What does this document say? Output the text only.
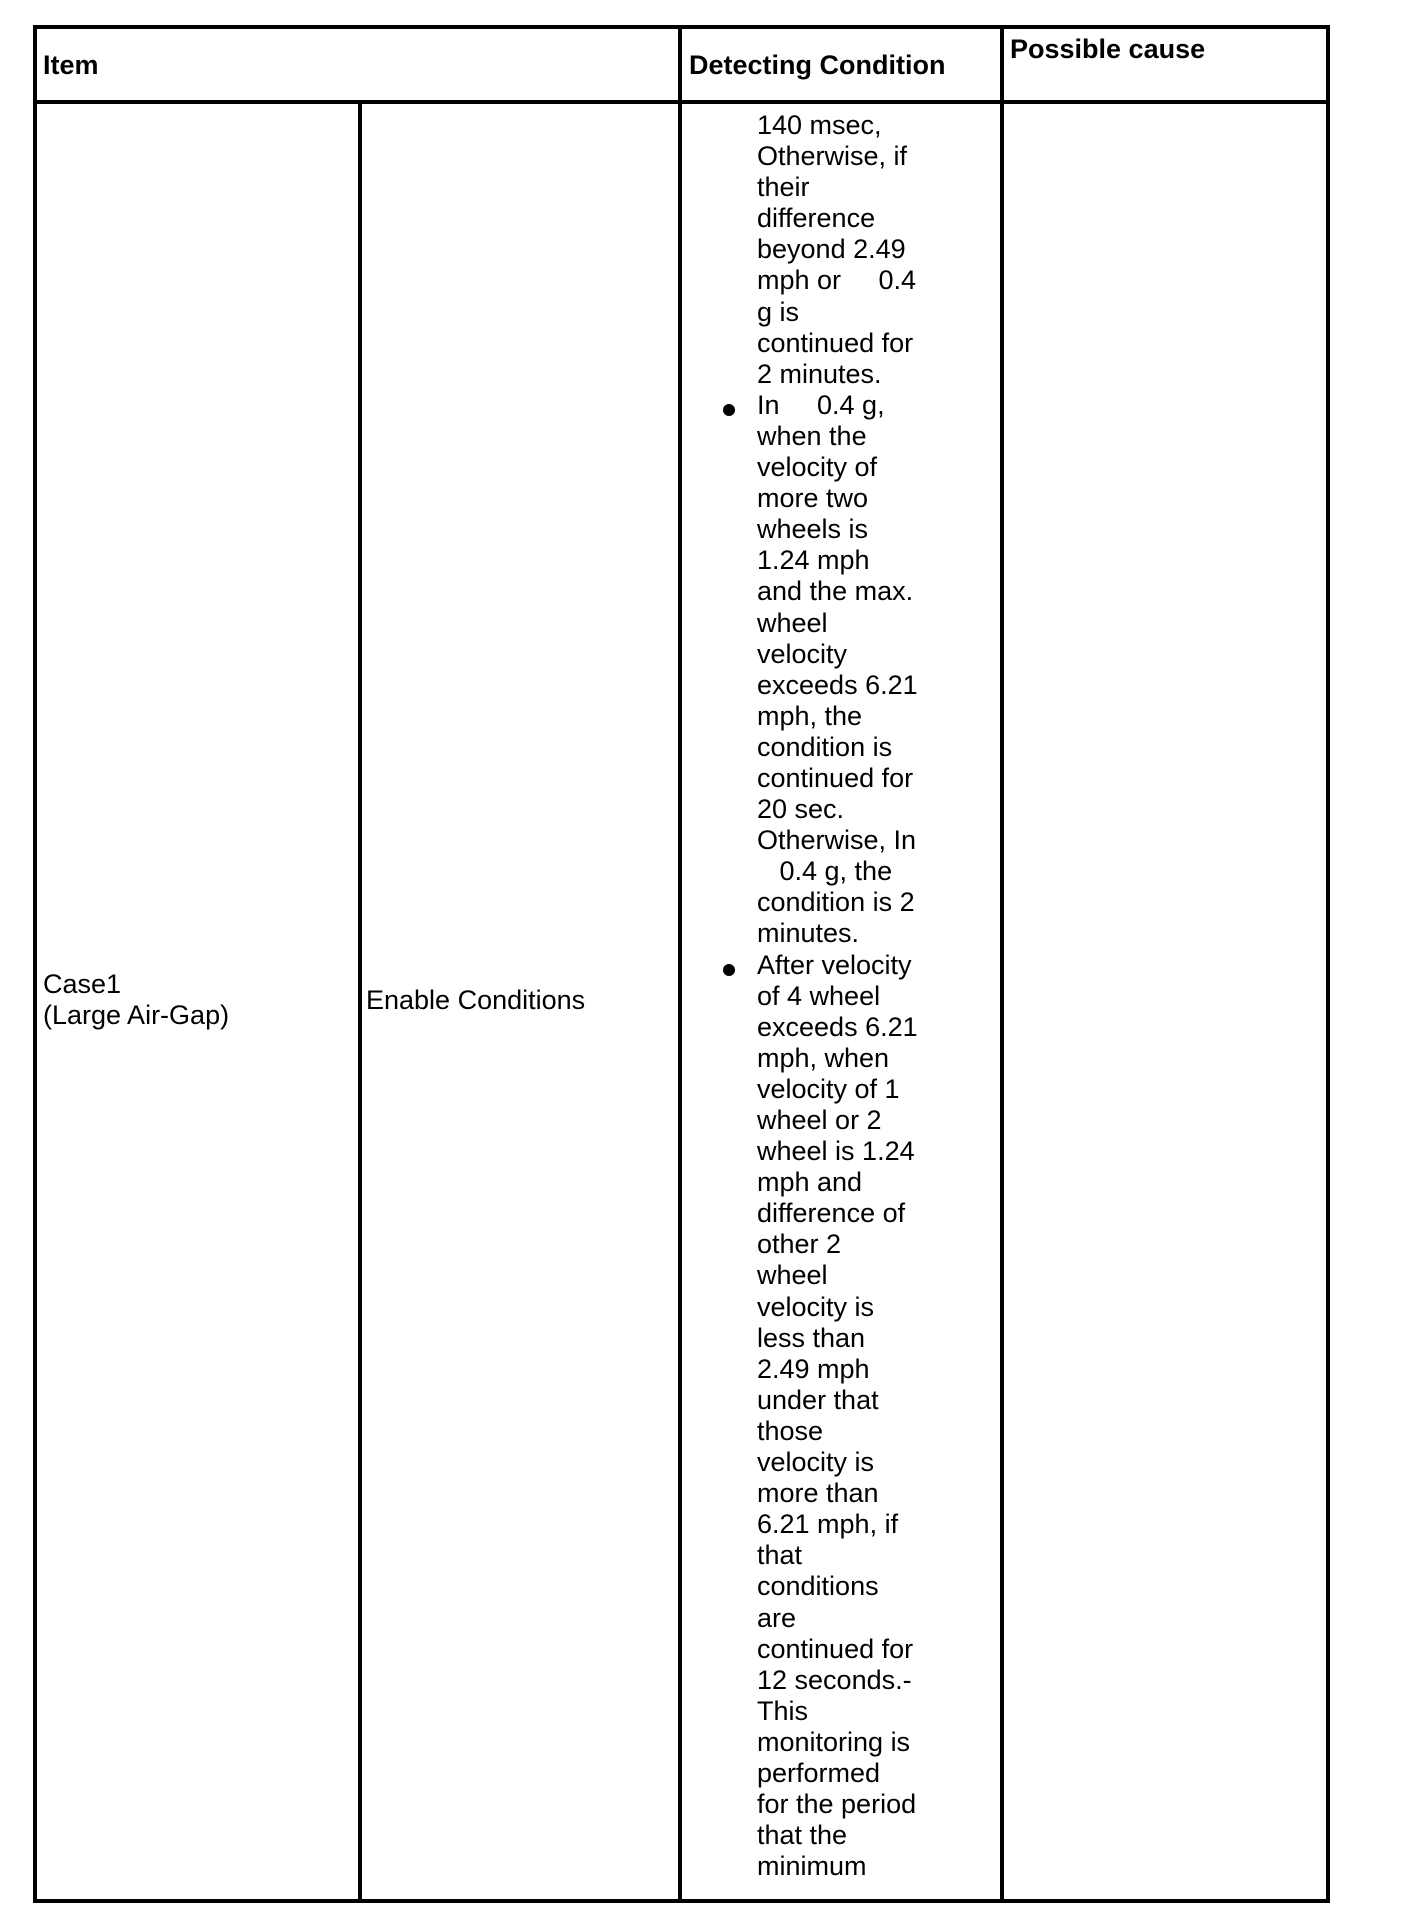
Item	Detecting Condition
Possible cause
Case1
(Large Air-Gap)	Enable Conditions
140 msec,
Otherwise, if
their
difference
beyond 2.49
mph or     0.4
g is
continued for
2 minutes.
In     0.4 g,
when the
velocity of
more two
wheels is
1.24 mph
and the max.
wheel
velocity
exceeds 6.21
mph, the
condition is
continued for
20 sec.
Otherwise, In
0.4 g, the
condition is 2
minutes.
After velocity
of 4 wheel
exceeds 6.21
mph, when
velocity of 1
wheel or 2
wheel is 1.24
mph and
difference of
other 2
wheel
velocity is
less than
2.49 mph
under that
those
velocity is
more than
6.21 mph, if
that
conditions
are
continued for
12 seconds.-
This
monitoring is
performed
for the period
that the
minimum
